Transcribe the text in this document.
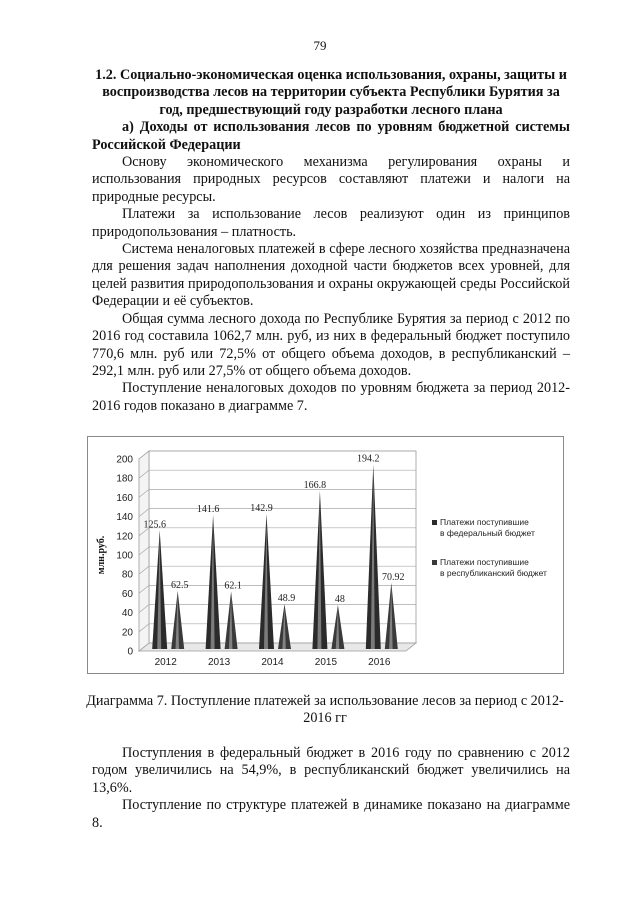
79

1.2. Социально-экономическая оценка использования, охраны, защиты и воспроизводства лесов на территории субъекта Республики Бурятия за год, предшествующий году разработки лесного плана

а) Доходы от использования лесов по уровням бюджетной системы Российской Федерации

Основу экономического механизма регулирования охраны и использования природных ресурсов составляют платежи и налоги на природные ресурсы.

Платежи за использование лесов реализуют один из принципов природопользования – платность.

Система неналоговых платежей в сфере лесного хозяйства предназначена для решения задач наполнения доходной части бюджетов всех уровней, для целей развития природопользования и охраны окружающей среды Российской Федерации и её субъектов.

Общая сумма лесного дохода по Республике Бурятия за период с 2012 по 2016 год составила 1062,7 млн. руб, из них в федеральный бюджет поступило 770,6 млн. руб или 72,5% от общего объема доходов, в республиканский – 292,1 млн. руб или 27,5% от общего объема доходов.

Поступление неналоговых доходов по уровням бюджета за период 2012-2016 годов показано в диаграмме 7.

0
20
40
60
80
100
120
140
160
180
200
млн.руб.
125.6
62.5
2012
141.6
62.1
2013
142.9
48.9
2014
166.8
48
2015
194.2
70.92
2016
Платежи поступившие
в федеральный бюджет
Платежи поступившие
в республиканский бюджет
Диаграмма 7. Поступление платежей за использование лесов за период с 2012-2016 гг

Поступления в федеральный бюджет в 2016 году по сравнению с 2012 годом увеличились на 54,9%, в республиканский бюджет увеличились на 13,6%.

Поступление по структуре платежей в динамике показано на диаграмме 8.
